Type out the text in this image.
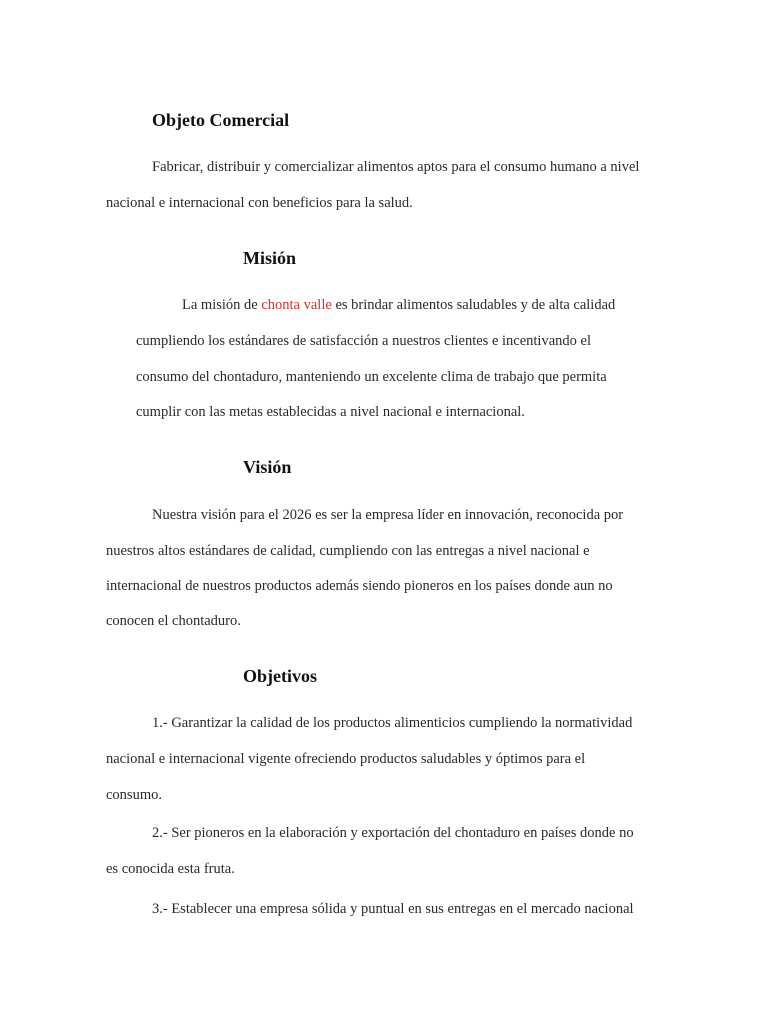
Objeto Comercial

Fabricar, distribuir y comercializar alimentos aptos para el consumo humano a nivel

nacional e internacional con beneficios para la salud.

Misión

La misión de chonta valle es brindar alimentos saludables y de alta calidad

cumpliendo los estándares de satisfacción a nuestros clientes e incentivando el

consumo del chontaduro, manteniendo un excelente clima de trabajo que permita

cumplir con las metas establecidas a nivel nacional e internacional.

Visión

Nuestra visión para el 2026 es ser la empresa líder en innovación, reconocida por

nuestros altos estándares de calidad, cumpliendo con las entregas a nivel nacional e

internacional de nuestros productos además siendo pioneros en los países donde aun no

conocen el chontaduro.

Objetivos

1.- Garantizar la calidad de los productos alimenticios cumpliendo la normatividad

nacional e internacional vigente ofreciendo productos saludables y óptimos para el

consumo.

2.- Ser pioneros en la elaboración y exportación del chontaduro en países donde no

es conocida esta fruta.

3.- Establecer una empresa sólida y puntual en sus entregas en el mercado nacional
